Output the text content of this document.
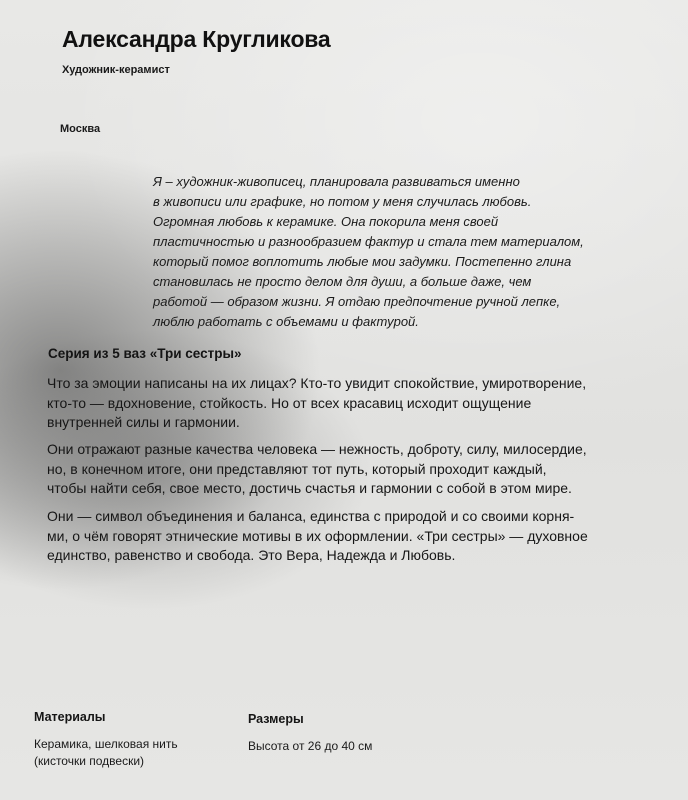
Александра Кругликова
Художник-керамист
Москва
Я – художник-живописец, планировала развиваться именно
в живописи или графике, но потом у меня случилась любовь.
Огромная любовь к керамике. Она покорила меня своей
пластичностью и разнообразием фактур и стала тем материалом,
который помог воплотить любые мои задумки. Постепенно глина
становилась не просто делом для души, а больше даже, чем
работой — образом жизни. Я отдаю предпочтение ручной лепке,
люблю работать с объемами и фактурой.
Серия из 5 ваз «Три сестры»
Что за эмоции написаны на их лицах? Кто-то увидит спокойствие, умиротворение,
кто-то — вдохновение, стойкость. Но от всех красавиц исходит ощущение
внутренней силы и гармонии.
Они отражают разные качества человека — нежность, доброту, силу, милосердие,
но, в конечном итоге, они представляют тот путь, который проходит каждый,
чтобы найти себя, свое место, достичь счастья и гармонии с собой в этом мире.
Они — символ объединения и баланса, единства с природой и со своими корня-
ми, о чём говорят этнические мотивы в их оформлении. «Три сестры» — духовное
единство, равенство и свобода. Это Вера, Надежда и Любовь.
Материалы
Керамика, шелковая нить
(кисточки подвески)
Размеры
Высота от 26 до 40 см
